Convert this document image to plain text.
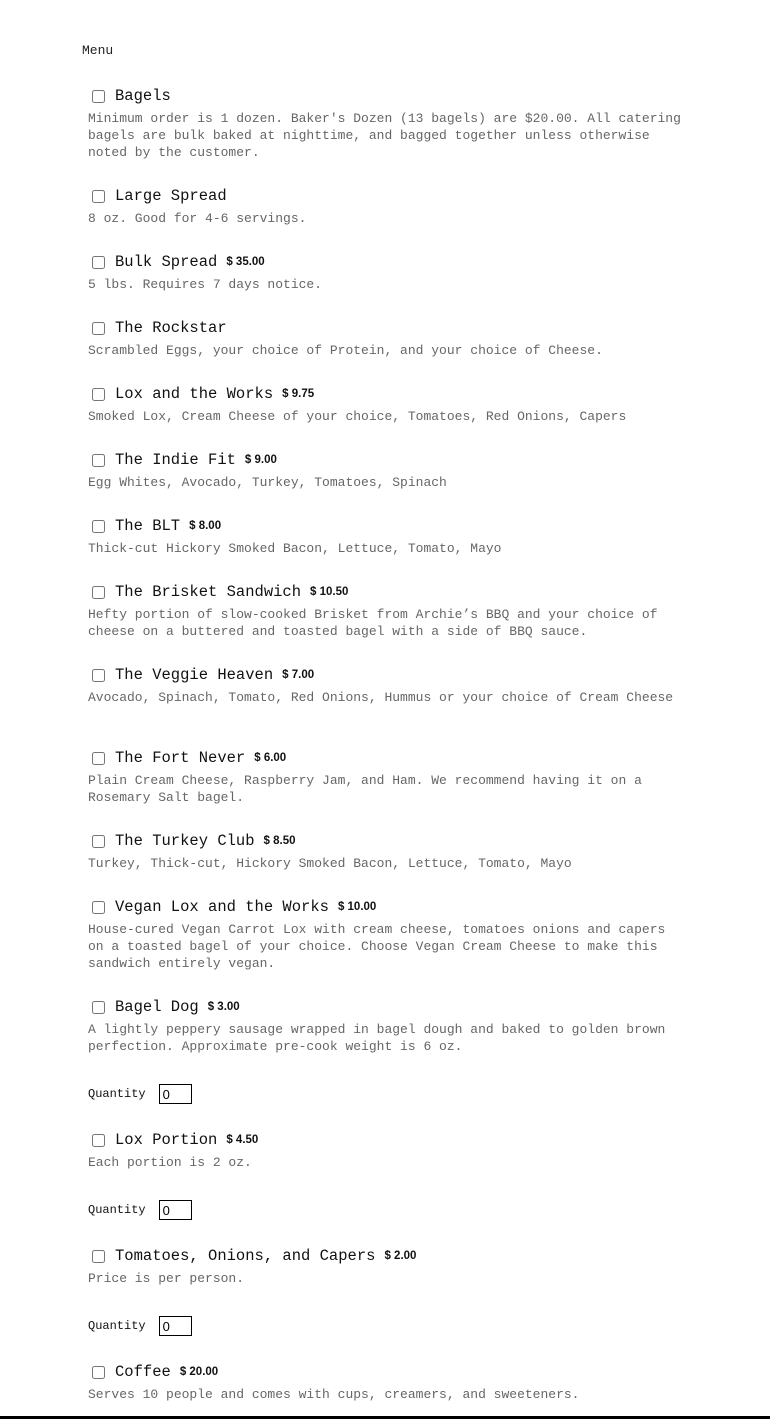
Menu
Bagels
Minimum order is 1 dozen. Baker's Dozen (13 bagels) are $20.00. All catering bagels are bulk baked at nighttime, and bagged together unless otherwise noted by the customer.
Large Spread
8 oz. Good for 4-6 servings.
Bulk Spread $ 35.00
5 lbs. Requires 7 days notice.
The Rockstar
Scrambled Eggs, your choice of Protein, and your choice of Cheese.
Lox and the Works $ 9.75
Smoked Lox, Cream Cheese of your choice, Tomatoes, Red Onions, Capers
The Indie Fit $ 9.00
Egg Whites, Avocado, Turkey, Tomatoes, Spinach
The BLT $ 8.00
Thick-cut Hickory Smoked Bacon, Lettuce, Tomato, Mayo
The Brisket Sandwich $ 10.50
Hefty portion of slow-cooked Brisket from Archie’s BBQ and your choice of cheese on a buttered and toasted bagel with a side of BBQ sauce.
The Veggie Heaven $ 7.00
Avocado, Spinach, Tomato, Red Onions, Hummus or your choice of Cream Cheese
The Fort Never $ 6.00
Plain Cream Cheese, Raspberry Jam, and Ham. We recommend having it on a Rosemary Salt bagel.
The Turkey Club $ 8.50
Turkey, Thick-cut, Hickory Smoked Bacon, Lettuce, Tomato, Mayo
Vegan Lox and the Works $ 10.00
House-cured Vegan Carrot Lox with cream cheese, tomatoes onions and capers on a toasted bagel of your choice. Choose Vegan Cream Cheese to make this sandwich entirely vegan.
Bagel Dog $ 3.00
A lightly peppery sausage wrapped in bagel dough and baked to golden brown perfection. Approximate pre-cook weight is 6 oz.
Quantity
0
Lox Portion $ 4.50
Each portion is 2 oz.
Quantity
0
Tomatoes, Onions, and Capers $ 2.00
Price is per person.
Quantity
0
Coffee $ 20.00
Serves 10 people and comes with cups, creamers, and sweeteners.
